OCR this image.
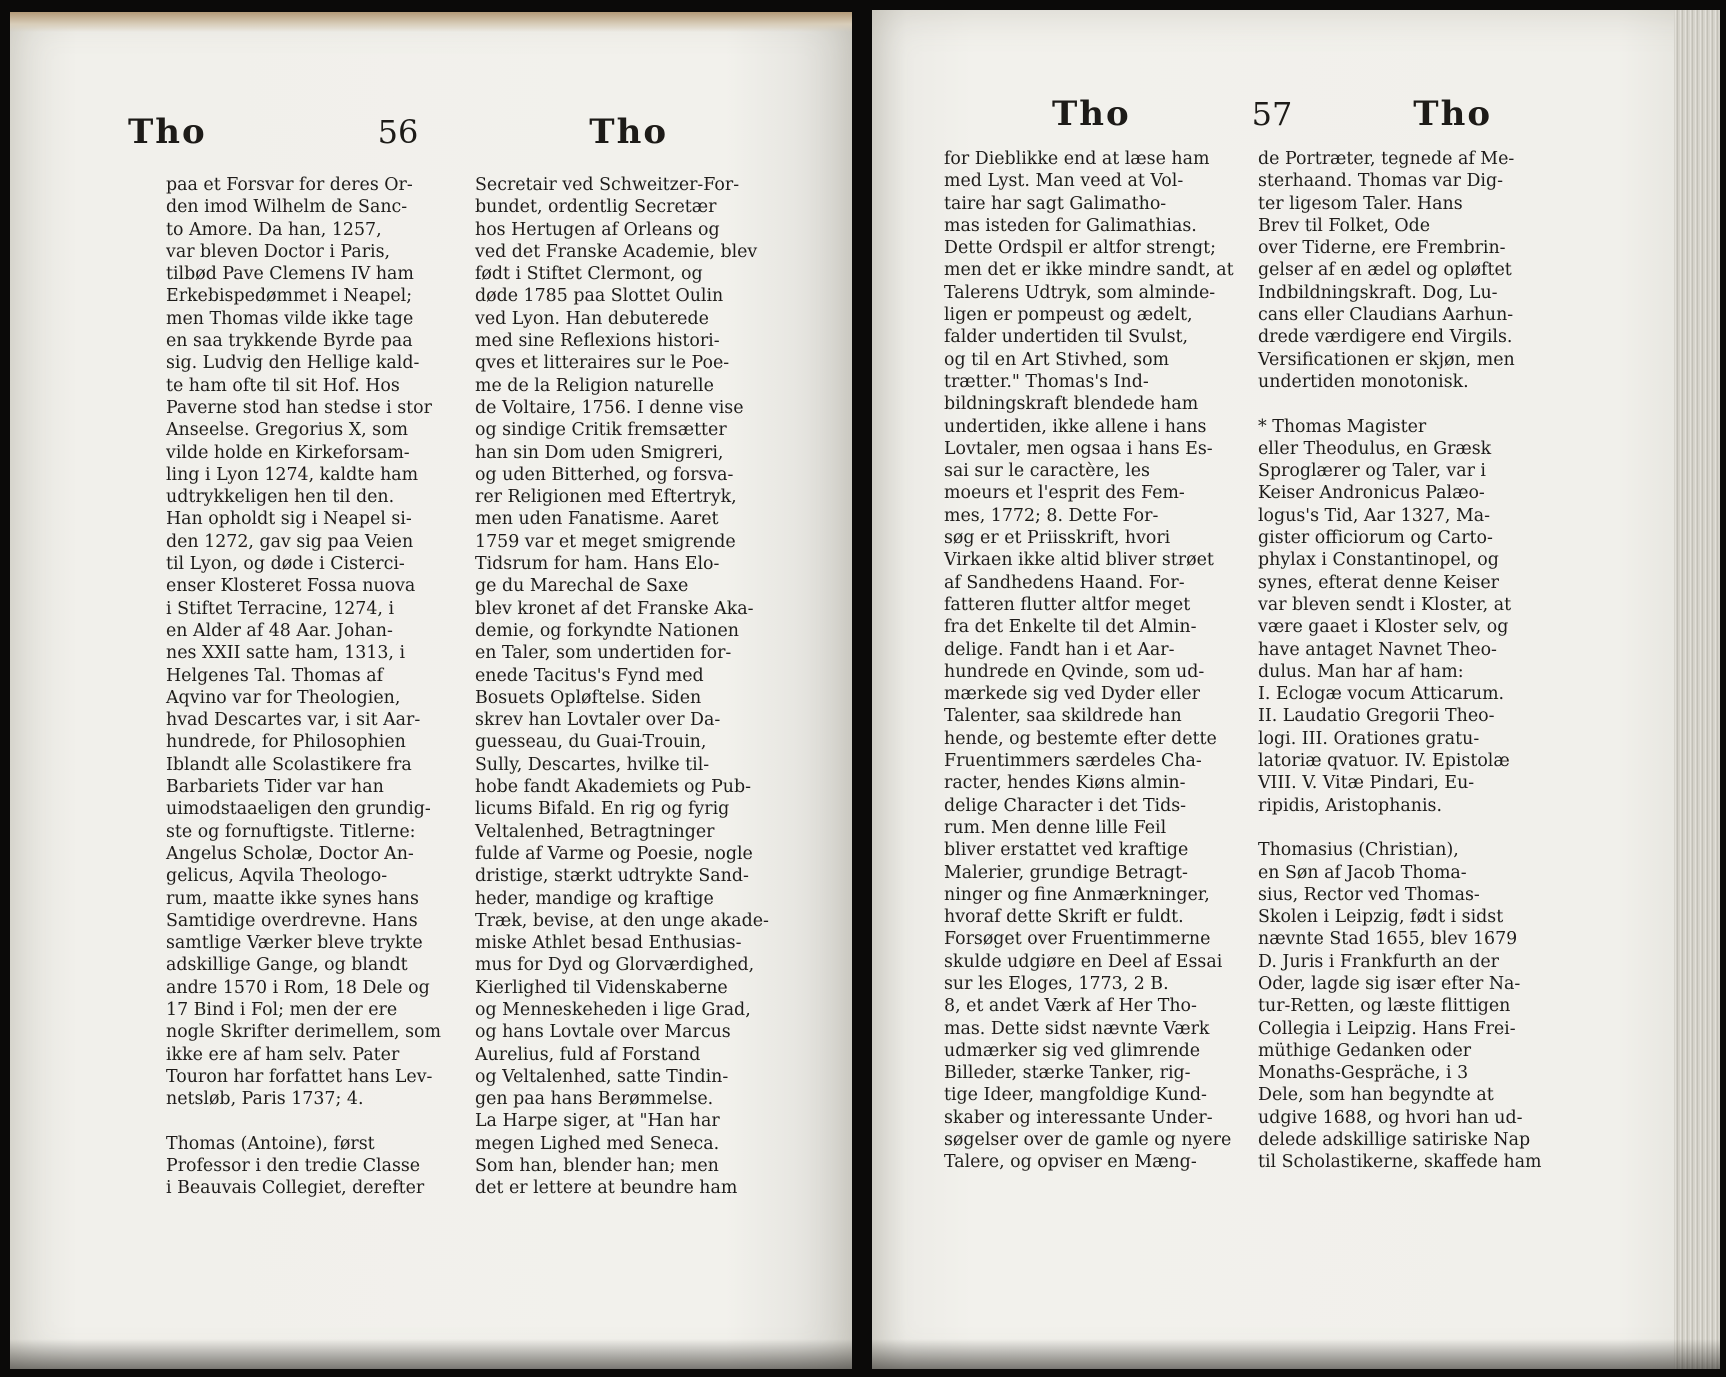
Tho	56	Tho
paa et Forsvar for deres Or-
den imod Wilhelm de Sanc-
to Amore. Da han, 1257,
var bleven Doctor i Paris,
tilbød Pave Clemens IV ham
Erkebispedømmet i Neapel;
men Thomas vilde ikke tage
en saa trykkende Byrde paa
sig. Ludvig den Hellige kald-
te ham ofte til sit Hof. Hos
Paverne stod han stedse i stor
Anseelse. Gregorius X, som
vilde holde en Kirkeforsam-
ling i Lyon 1274, kaldte ham
udtrykkeligen hen til den.
Han opholdt sig i Neapel si-
den 1272, gav sig paa Veien
til Lyon, og døde i Cisterci-
enser Klosteret Fossa nuova
i Stiftet Terracine, 1274, i
en Alder af 48 Aar. Johan-
nes XXII satte ham, 1313, i
Helgenes Tal. Thomas af
Aqvino var for Theologien,
hvad Descartes var, i sit Aar-
hundrede, for Philosophien
Iblandt alle Scolastikere fra
Barbariets Tider var han
uimodstaaeligen den grundig-
ste og fornuftigste. Titlerne:
Angelus Scholæ, Doctor An-
gelicus, Aqvila Theologo-
rum, maatte ikke synes hans
Samtidige overdrevne. Hans
samtlige Værker bleve trykte
adskillige Gange, og blandt
andre 1570 i Rom, 18 Dele og
17 Bind i Fol; men der ere
nogle Skrifter derimellem, som
ikke ere af ham selv. Pater
Touron har forfattet hans Lev-
netsløb, Paris 1737; 4.
Thomas (Antoine), først
Professor i den tredie Classe
i Beauvais Collegiet, derefter
Secretair ved Schweitzer-For-
bundet, ordentlig Secretær
hos Hertugen af Orleans og
ved det Franske Academie, blev
født i Stiftet Clermont, og
døde 1785 paa Slottet Oulin
ved Lyon. Han debuterede
med sine Reflexions histori-
qves et litteraires sur le Poe-
me de la Religion naturelle
de Voltaire, 1756. I denne vise
og sindige Critik fremsætter
han sin Dom uden Smigreri,
og uden Bitterhed, og forsva-
rer Religionen med Eftertryk,
men uden Fanatisme. Aaret
1759 var et meget smigrende
Tidsrum for ham. Hans Elo-
ge du Marechal de Saxe
blev kronet af det Franske Aka-
demie, og forkyndte Nationen
en Taler, som undertiden for-
enede Tacitus's Fynd med
Bosuets Opløftelse. Siden
skrev han Lovtaler over Da-
guesseau, du Guai-Trouin,
Sully, Descartes, hvilke til-
hobe fandt Akademiets og Pub-
licums Bifald. En rig og fyrig
Veltalenhed, Betragtninger
fulde af Varme og Poesie, nogle
dristige, stærkt udtrykte Sand-
heder, mandige og kraftige
Træk, bevise, at den unge akade-
miske Athlet besad Enthusias-
mus for Dyd og Glorværdighed,
Kierlighed til Videnskaberne
og Menneskeheden i lige Grad,
og hans Lovtale over Marcus
Aurelius, fuld af Forstand
og Veltalenhed, satte Tindin-
gen paa hans Berømmelse.
La Harpe siger, at "Han har
megen Lighed med Seneca.
Som han, blender han; men
det er lettere at beundre ham
Tho	57	Tho
for Dieblikke end at læse ham
med Lyst. Man veed at Vol-
taire har sagt Galimatho-
mas isteden for Galimathias.
Dette Ordspil er altfor strengt;
men det er ikke mindre sandt, at
Talerens Udtryk, som alminde-
ligen er pompeust og ædelt,
falder undertiden til Svulst,
og til en Art Stivhed, som
trætter." Thomas's Ind-
bildningskraft blendede ham
undertiden, ikke allene i hans
Lovtaler, men ogsaa i hans Es-
sai sur le caractère, les
moeurs et l'esprit des Fem-
mes, 1772; 8. Dette For-
søg er et Priisskrift, hvori
Virkaen ikke altid bliver strøet
af Sandhedens Haand. For-
fatteren flutter altfor meget
fra det Enkelte til det Almin-
delige. Fandt han i et Aar-
hundrede en Qvinde, som ud-
mærkede sig ved Dyder eller
Talenter, saa skildrede han
hende, og bestemte efter dette
Fruentimmers særdeles Cha-
racter, hendes Kiøns almin-
delige Character i det Tids-
rum. Men denne lille Feil
bliver erstattet ved kraftige
Malerier, grundige Betragt-
ninger og fine Anmærkninger,
hvoraf dette Skrift er fuldt.
Forsøget over Fruentimmerne
skulde udgiøre en Deel af Essai
sur les Eloges, 1773, 2 B.
8, et andet Værk af Her Tho-
mas. Dette sidst nævnte Værk
udmærker sig ved glimrende
Billeder, stærke Tanker, rig-
tige Ideer, mangfoldige Kund-
skaber og interessante Under-
søgelser over de gamle og nyere
Talere, og opviser en Mæng-
de Portræter, tegnede af Me-
sterhaand. Thomas var Dig-
ter ligesom Taler. Hans
Brev til Folket, Ode
over Tiderne, ere Frembrin-
gelser af en ædel og opløftet
Indbildningskraft. Dog, Lu-
cans eller Claudians Aarhun-
drede værdigere end Virgils.
Versificationen er skjøn, men
undertiden monotonisk.
* Thomas Magister
eller Theodulus, en Græsk
Sproglærer og Taler, var i
Keiser Andronicus Palæo-
logus's Tid, Aar 1327, Ma-
gister officiorum og Carto-
phylax i Constantinopel, og
synes, efterat denne Keiser
var bleven sendt i Kloster, at
være gaaet i Kloster selv, og
have antaget Navnet Theo-
dulus. Man har af ham:
I. Eclogæ vocum Atticarum.
II. Laudatio Gregorii Theo-
logi. III. Orationes gratu-
latoriæ qvatuor. IV. Epistolæ
VIII. V. Vitæ Pindari, Eu-
ripidis, Aristophanis.
Thomasius (Christian),
en Søn af Jacob Thoma-
sius, Rector ved Thomas-
Skolen i Leipzig, født i sidst
nævnte Stad 1655, blev 1679
D. Juris i Frankfurth an der
Oder, lagde sig især efter Na-
tur-Retten, og læste flittigen
Collegia i Leipzig. Hans Frei-
müthige Gedanken oder
Monaths-Gespräche, i 3
Dele, som han begyndte at
udgive 1688, og hvori han ud-
delede adskillige satiriske Nap
til Scholastikerne, skaffede ham
